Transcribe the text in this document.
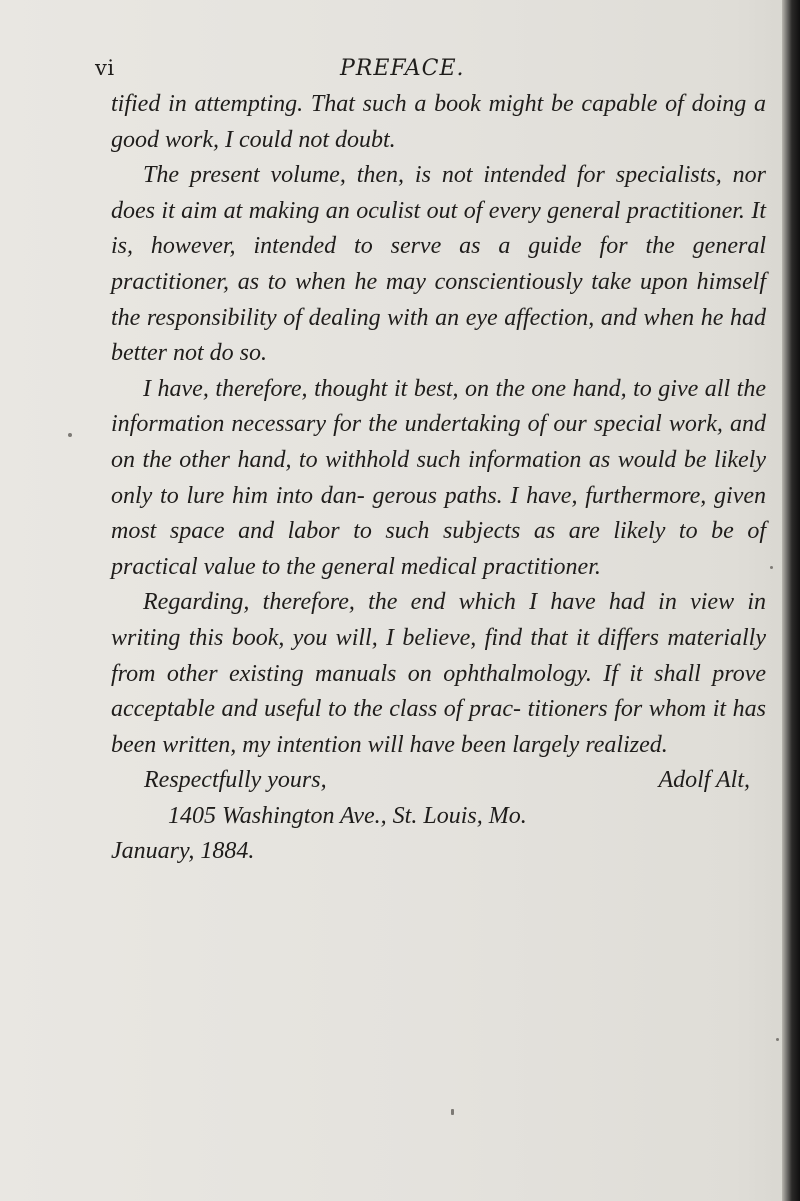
vi	PREFACE.

tified in attempting. That such a book might be capable of doing a good work, I could not doubt.

The present volume, then, is not intended for specialists, nor does it aim at making an oculist out of every general practitioner. It is, however, intended to serve as a guide for the general practitioner, as to when he may conscientiously take upon himself the responsibility of dealing with an eye affection, and when he had better not do so.

I have, therefore, thought it best, on the one hand, to give all the information necessary for the undertaking of our special work, and on the other hand, to withhold such information as would be likely only to lure him into dan- gerous paths. I have, furthermore, given most space and labor to such subjects as are likely to be of practical value to the general medical practitioner.

Regarding, therefore, the end which I have had in view in writing this book, you will, I believe, find that it differs materially from other existing manuals on ophthalmology. If it shall prove acceptable and useful to the class of prac- titioners for whom it has been written, my intention will have been largely realized.

Respectfully yours,	Adolf Alt,
1405 Washington Ave., St. Louis, Mo.
January, 1884.
